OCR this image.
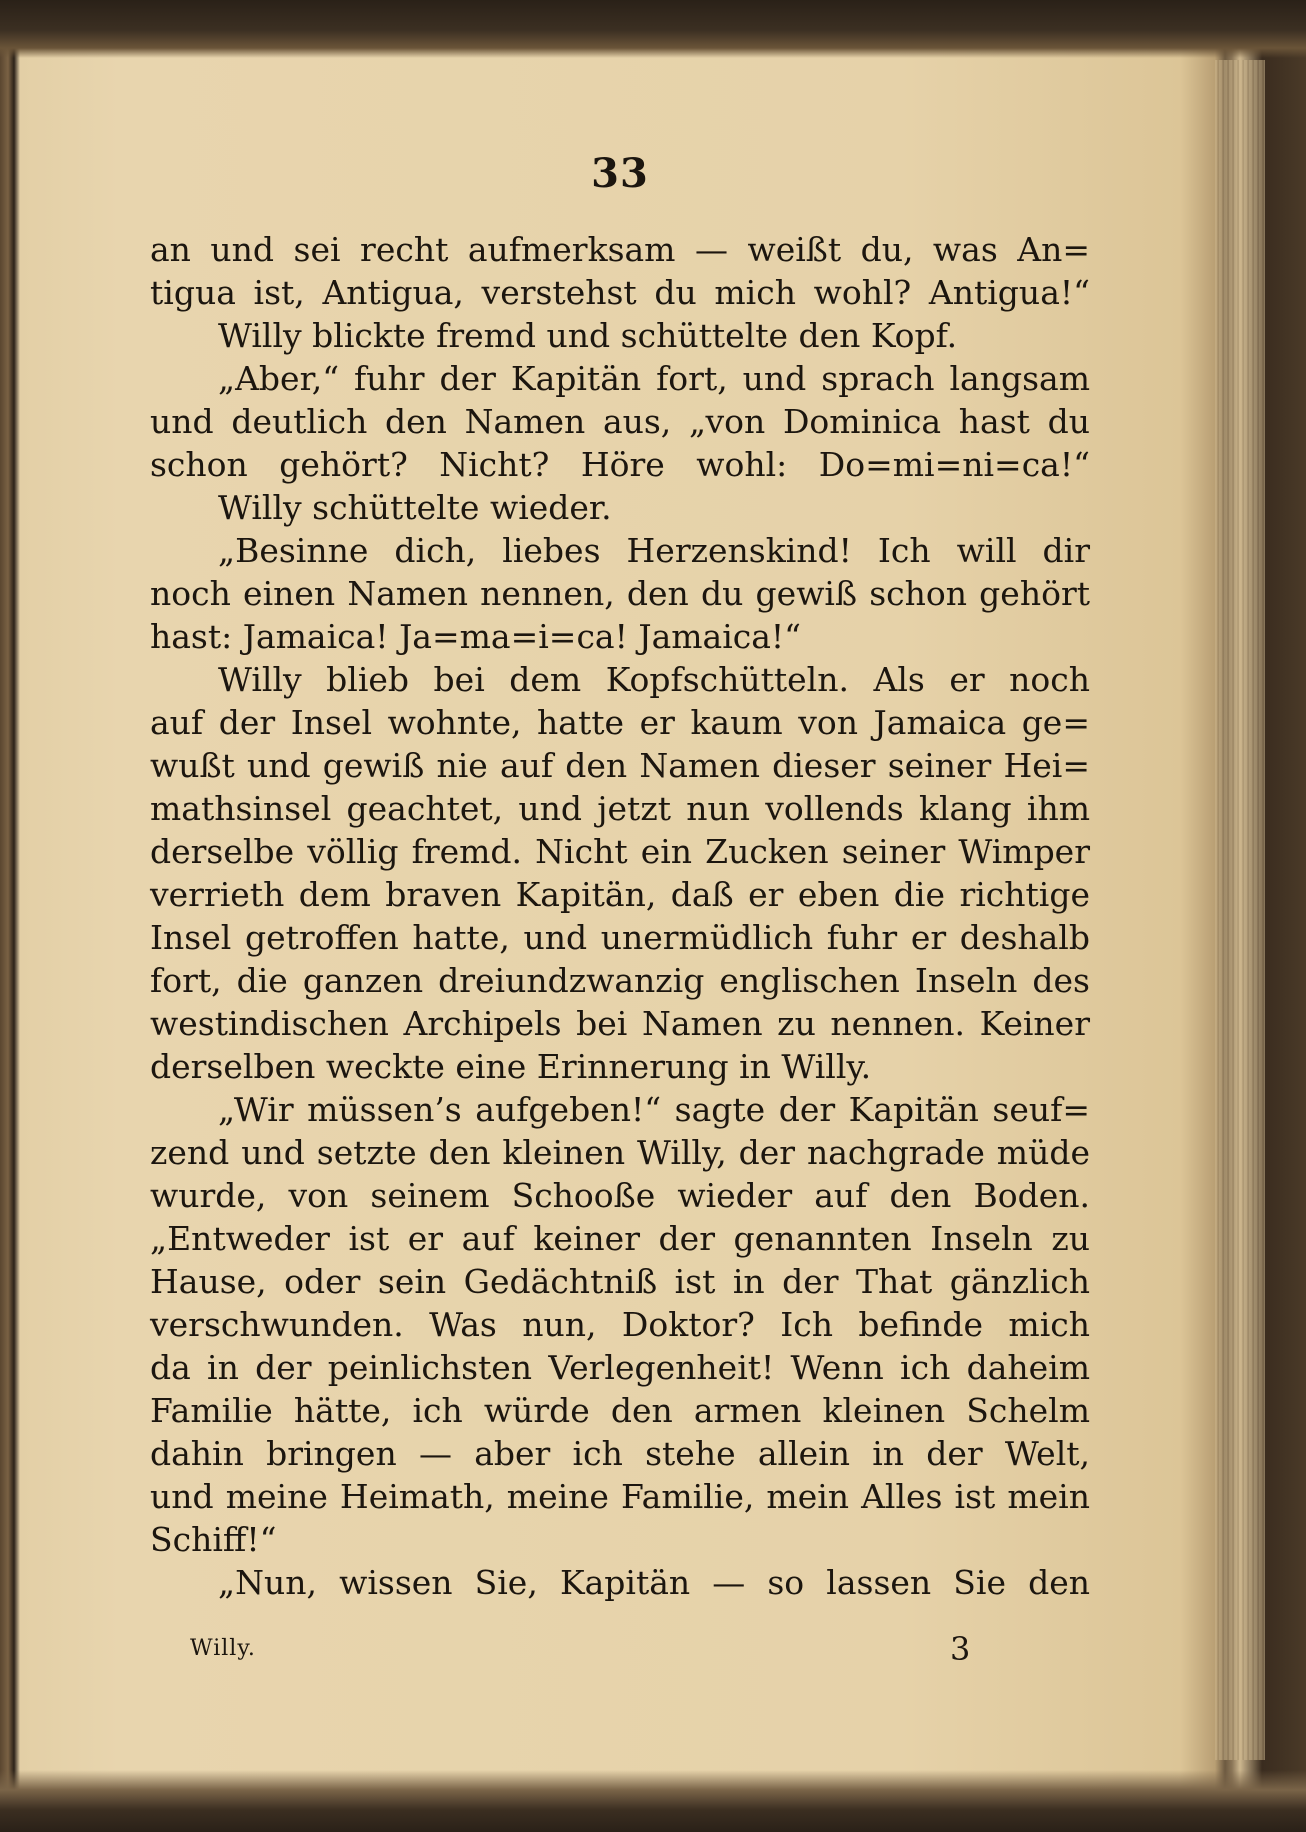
33
an und sei recht aufmerksam — weißt du, was An=
tigua ist, Antigua, verstehst du mich wohl? Antigua!“
Willy blickte fremd und schüttelte den Kopf.
„Aber,“ fuhr der Kapitän fort, und sprach langsam
und deutlich den Namen aus, „von Dominica hast du
schon gehört? Nicht? Höre wohl: Do=mi=ni=ca!“
Willy schüttelte wieder.
„Besinne dich, liebes Herzenskind! Ich will dir
noch einen Namen nennen, den du gewiß schon gehört
hast: Jamaica! Ja=ma=i=ca! Jamaica!“
Willy blieb bei dem Kopfschütteln. Als er noch
auf der Insel wohnte, hatte er kaum von Jamaica ge=
wußt und gewiß nie auf den Namen dieser seiner Hei=
mathsinsel geachtet, und jetzt nun vollends klang ihm
derselbe völlig fremd. Nicht ein Zucken seiner Wimper
verrieth dem braven Kapitän, daß er eben die richtige
Insel getroffen hatte, und unermüdlich fuhr er deshalb
fort, die ganzen dreiundzwanzig englischen Inseln des
westindischen Archipels bei Namen zu nennen. Keiner
derselben weckte eine Erinnerung in Willy.
„Wir müssen’s aufgeben!“ sagte der Kapitän seuf=
zend und setzte den kleinen Willy, der nachgrade müde
wurde, von seinem Schooße wieder auf den Boden.
„Entweder ist er auf keiner der genannten Inseln zu
Hause, oder sein Gedächtniß ist in der That gänzlich
verschwunden. Was nun, Doktor? Ich befinde mich
da in der peinlichsten Verlegenheit! Wenn ich daheim
Familie hätte, ich würde den armen kleinen Schelm
dahin bringen — aber ich stehe allein in der Welt,
und meine Heimath, meine Familie, mein Alles ist mein
Schiff!“
„Nun, wissen Sie, Kapitän — so lassen Sie den
Willy.	3
